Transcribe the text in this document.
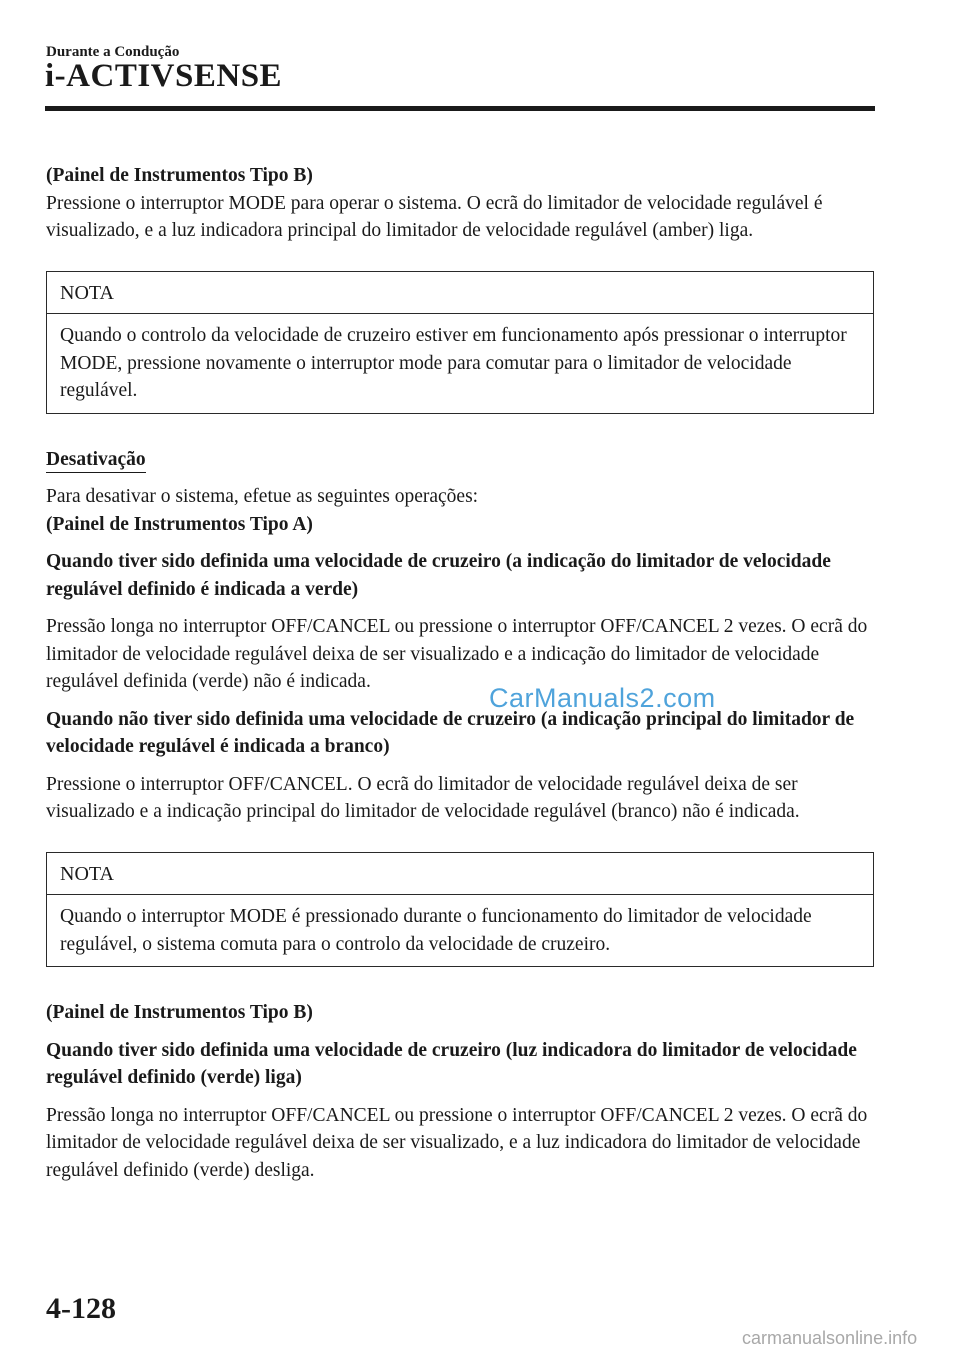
Durante a Condução
i-ACTIVSENSE

(Painel de Instrumentos Tipo B)

Pressione o interruptor MODE para operar o sistema. O ecrã do limitador de velocidade regulável é visualizado, e a luz indicadora principal do limitador de velocidade regulável (amber) liga.

NOTA
Quando o controlo da velocidade de cruzeiro estiver em funcionamento após pressionar o interruptor MODE, pressione novamente o interruptor mode para comutar para o limitador de velocidade regulável.

Desativação

Para desativar o sistema, efetue as seguintes operações:

(Painel de Instrumentos Tipo A)

Quando tiver sido definida uma velocidade de cruzeiro (a indicação do limitador de velocidade regulável definido é indicada a verde)

Pressão longa no interruptor OFF/CANCEL ou pressione o interruptor OFF/CANCEL 2 vezes. O ecrã do limitador de velocidade regulável deixa de ser visualizado e a indicação do limitador de velocidade regulável definida (verde) não é indicada.

Quando não tiver sido definida uma velocidade de cruzeiro (a indicação principal do limitador de velocidade regulável é indicada a branco)

Pressione o interruptor OFF/CANCEL. O ecrã do limitador de velocidade regulável deixa de ser visualizado e a indicação principal do limitador de velocidade regulável (branco) não é indicada.

NOTA
Quando o interruptor MODE é pressionado durante o funcionamento do limitador de velocidade regulável, o sistema comuta para o controlo da velocidade de cruzeiro.

(Painel de Instrumentos Tipo B)

Quando tiver sido definida uma velocidade de cruzeiro (luz indicadora do limitador de velocidade regulável definido (verde) liga)

Pressão longa no interruptor OFF/CANCEL ou pressione o interruptor OFF/CANCEL 2 vezes. O ecrã do limitador de velocidade regulável deixa de ser visualizado, e a luz indicadora do limitador de velocidade regulável definido (verde) desliga.

CarManuals2.com
4-128
carmanualsonline.info
